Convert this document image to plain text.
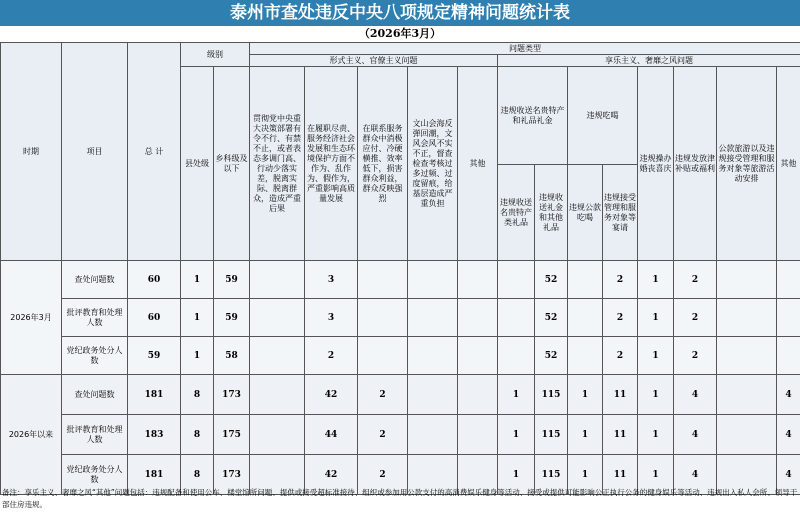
泰州市查处违反中央八项规定精神问题统计表
（2026年3月）
时期	项目	总 计	级别		问题类型												
					形式主义、官僚主义问题					享乐主义、奢靡之风问题							
			县处级	乡科级及以下	贯彻党中央重大决策部署有令不行、有禁不止，或者表态多调门高、行动少落实差，脱离实际、脱离群众，造成严重后果	在履职尽责、服务经济社会发展和生态环境保护方面不作为、乱作为、假作为，严重影响高质量发展	在联系服务群众中消极应付、冷硬横推、效率低下，损害群众利益，群众反映强烈	文山会海反弹回潮，文风会风不实不正，督查检查考核过多过频、过度留痕，给基层造成严重负担	其他	违规收送名贵特产和礼品礼金		违规吃喝		违规操办婚丧喜庆	违规发放津补贴或福利	公款旅游以及违规接受管理和服务对象等旅游活动安排	其他
										违规收送名贵特产类礼品	违规收送礼金和其他礼品	违规公款吃喝	违规接受管理和服务对象等宴请				
2026年3月	查处问题数	60	1	59		3					52		2	1	2		
	批评教育和处理人数	60	1	59		3					52		2	1	2		
	党纪政务处分人数	59	1	58		2					52		2	1	2		
2026年以来	查处问题数	181	8	173		42	2			1	115	1	11	1	4		4
	批评教育和处理人数	183	8	175		44	2			1	115	1	11	1	4		4
	党纪政务处分人数	181	8	173		42	2			1	115	1	11	1	4		4
备注：享乐主义、奢靡之风“其他”问题包括：违规配备和使用公车、楼堂馆所问题、提供或接受超标准接待、组织或参加用公款支付的高消费娱乐健身等活动、接受或提供可能影响公正执行公务的健身娱乐等活动、违规出入私人会所、领导干部住房违规。
